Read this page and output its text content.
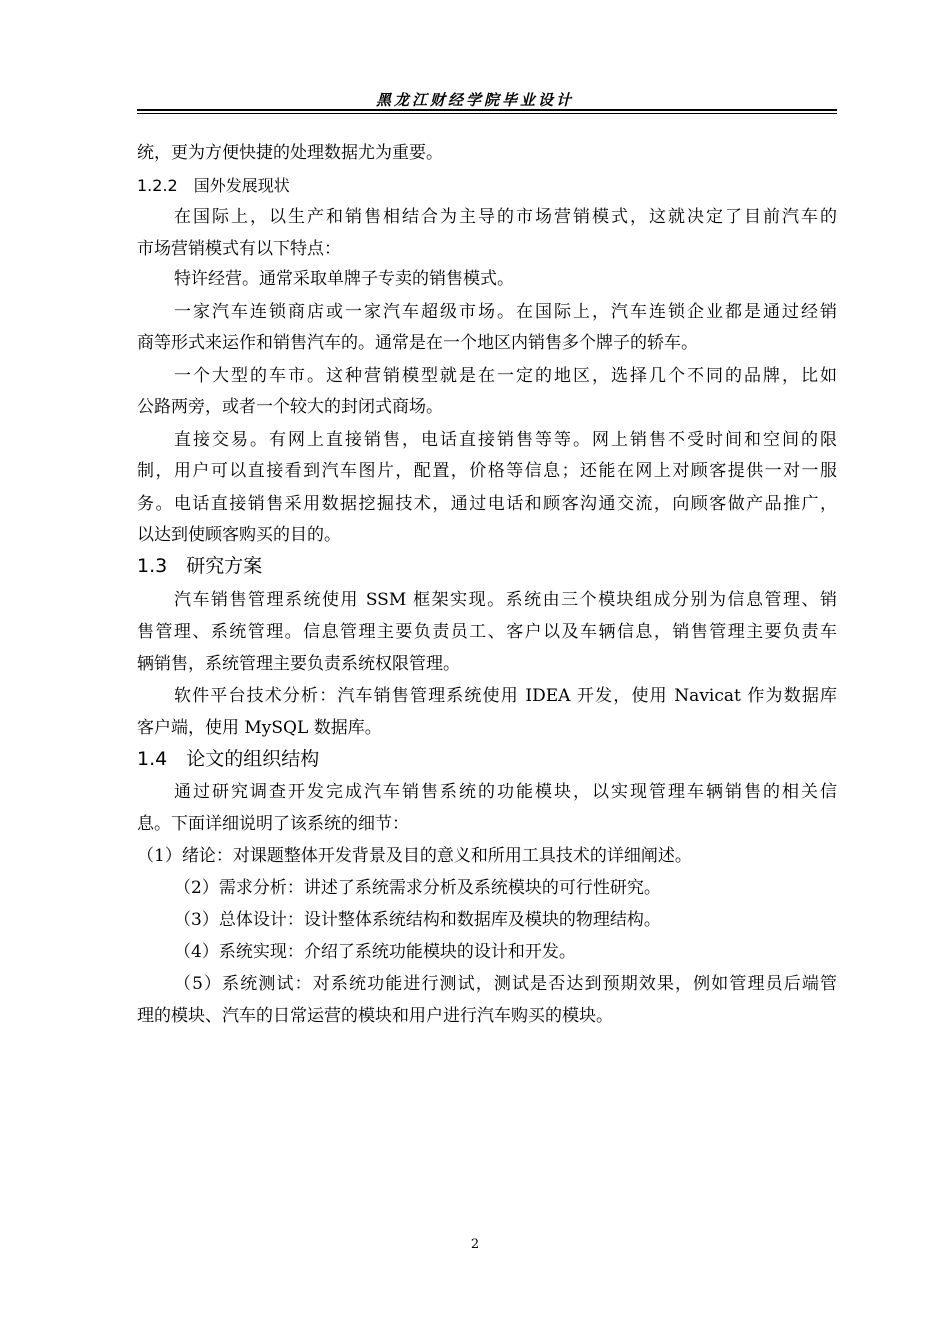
黑龙江财经学院毕业设计
统，更为方便快捷的处理数据尤为重要。
1.2.2　国外发展现状
在国际上，以生产和销售相结合为主导的市场营销模式，这就决定了目前汽车的
市场营销模式有以下特点：
特许经营。通常采取单牌子专卖的销售模式。
一家汽车连锁商店或一家汽车超级市场。在国际上，汽车连锁企业都是通过经销
商等形式来运作和销售汽车的。通常是在一个地区内销售多个牌子的轿车。
一个大型的车市。这种营销模型就是在一定的地区，选择几个不同的品牌，比如
公路两旁，或者一个较大的封闭式商场。
直接交易。有网上直接销售，电话直接销售等等。网上销售不受时间和空间的限
制，用户可以直接看到汽车图片，配置，价格等信息；还能在网上对顾客提供一对一服
务。电话直接销售采用数据挖掘技术，通过电话和顾客沟通交流，向顾客做产品推广，
以达到使顾客购买的目的。
1.3　研究方案
汽车销售管理系统使用 SSM 框架实现。系统由三个模块组成分别为信息管理、销
售管理、系统管理。信息管理主要负责员工、客户以及车辆信息，销售管理主要负责车
辆销售，系统管理主要负责系统权限管理。
软件平台技术分析：汽车销售管理系统使用 IDEA 开发，使用 Navicat 作为数据库
客户端，使用 MySQL 数据库。
1.4　论文的组织结构
通过研究调查开发完成汽车销售系统的功能模块，以实现管理车辆销售的相关信
息。下面详细说明了该系统的细节：
（1）绪论：对课题整体开发背景及目的意义和所用工具技术的详细阐述。
（2）需求分析：讲述了系统需求分析及系统模块的可行性研究。
（3）总体设计：设计整体系统结构和数据库及模块的物理结构。
（4）系统实现：介绍了系统功能模块的设计和开发。
（5）系统测试：对系统功能进行测试，测试是否达到预期效果，例如管理员后端管
理的模块、汽车的日常运营的模块和用户进行汽车购买的模块。
2
